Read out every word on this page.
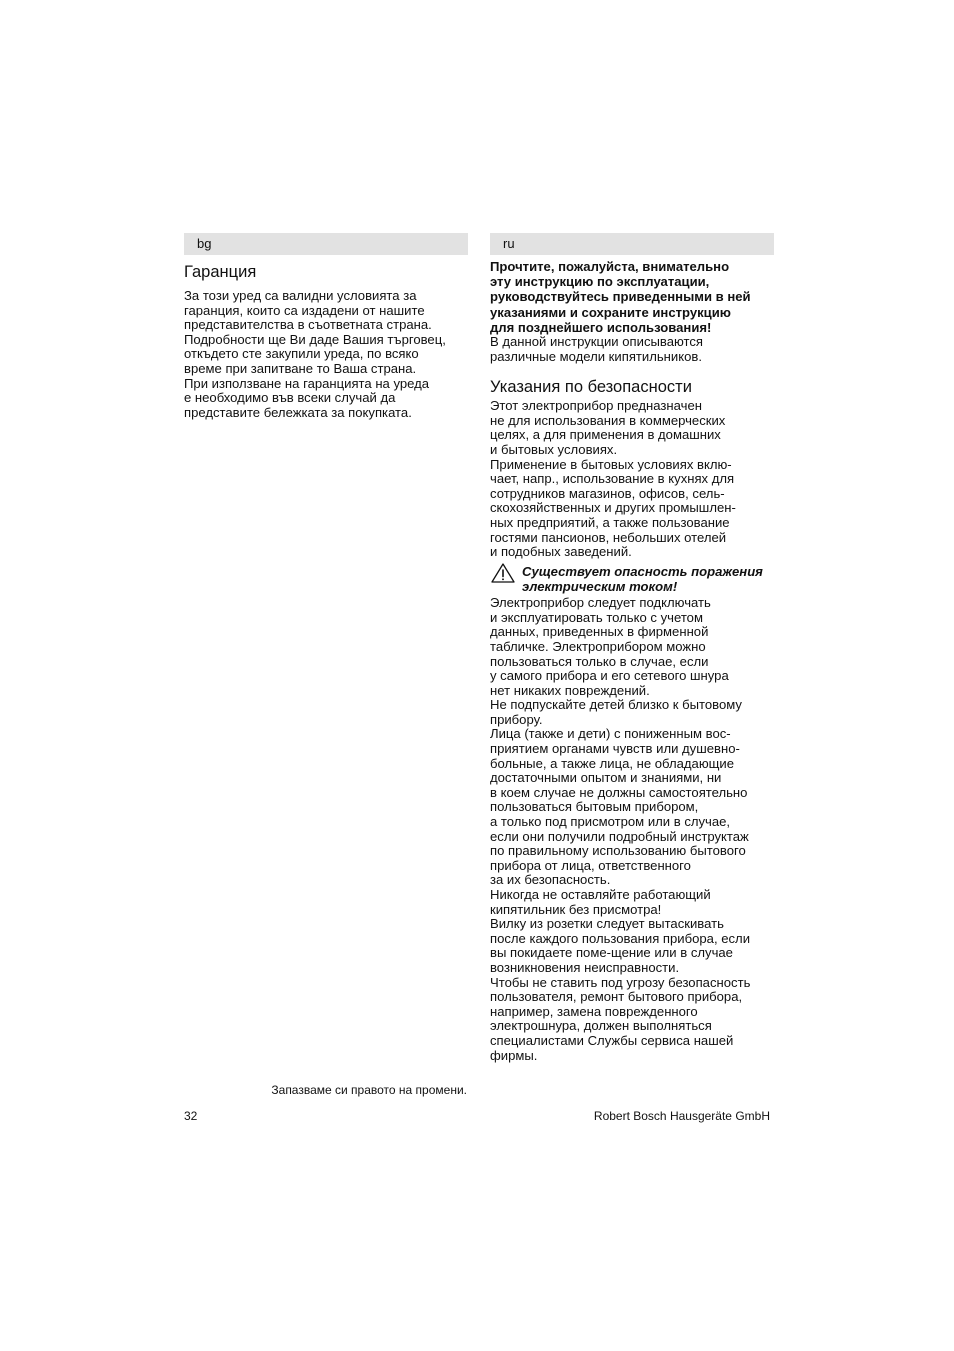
bg
Гаранция

За този уред са валидни условията за
гаранция, които са издадени от нашите
представителства в съответната страна.
Подробности ще Ви даде Вашия търговец,
откъдето сте закупили уреда, по всяко
време при запитване то Ваша страна.
При използване на гаранцията на уреда
е необходимо във всеки случай да
представите бележката за покупката.

ru

Прочтите, пожалуйста, внимательно
эту инструкцию по эксплуатации,
руководствуйтесь приведенными в ней
указаниями и сохраните инструкцию
для позднейшего использования!

В данной инструкции описываются
различные модели кипятильников.

Указания по безопасности

Этот электроприбор предназначен
не для использования в коммерческих
целях, а для применения в домашних
и бытовых условиях.
Применение в бытовых условиях вклю-
чает, напр., использование в кухнях для
сотрудников магазинов, офисов, сель-
скохозяйственных и других промышлен-
ных предприятий, а также пользование
гостями пансионов, небольших отелей
и подобных заведений.

Существует опасность поражения
электрическим током!

Электроприбор следует подключать
и эксплуатировать только с учетом
данных, приведенных в фирменной
табличке. Электроприбором можно
пользоваться только в случае, если
у самого прибора и его сетевого шнура
нет никаких повреждений.
Не подпускайте детей близко к бытовому
прибору.
Лица (также и дети) с пониженным вос-
приятием органами чувств или душевно-
больные, а также лица, не обладающие
достаточными опытом и знаниями, ни
в коем случае не должны самостоятельно
пользоваться бытовым прибором,
а только под присмотром или в случае,
если они получили подробный инструктаж
по правильному использованию бытового
прибора от лица, ответственного
за их безопасность.
Никогда не оставляйте работающий
кипятильник без присмотра!
Вилку из розетки следует вытаскивать
после каждого пользования прибора, если
вы покидаете поме-щение или в случае
возникновения неисправности.
Чтобы не ставить под угрозу безопасность
пользователя, ремонт бытового прибора,
например, замена поврежденного
электрошнура, должен выполняться
специалистами Службы сервиса нашей
фирмы.

Запазваме си правото на промени.
32	Robert Bosch Hausgeräte GmbH
